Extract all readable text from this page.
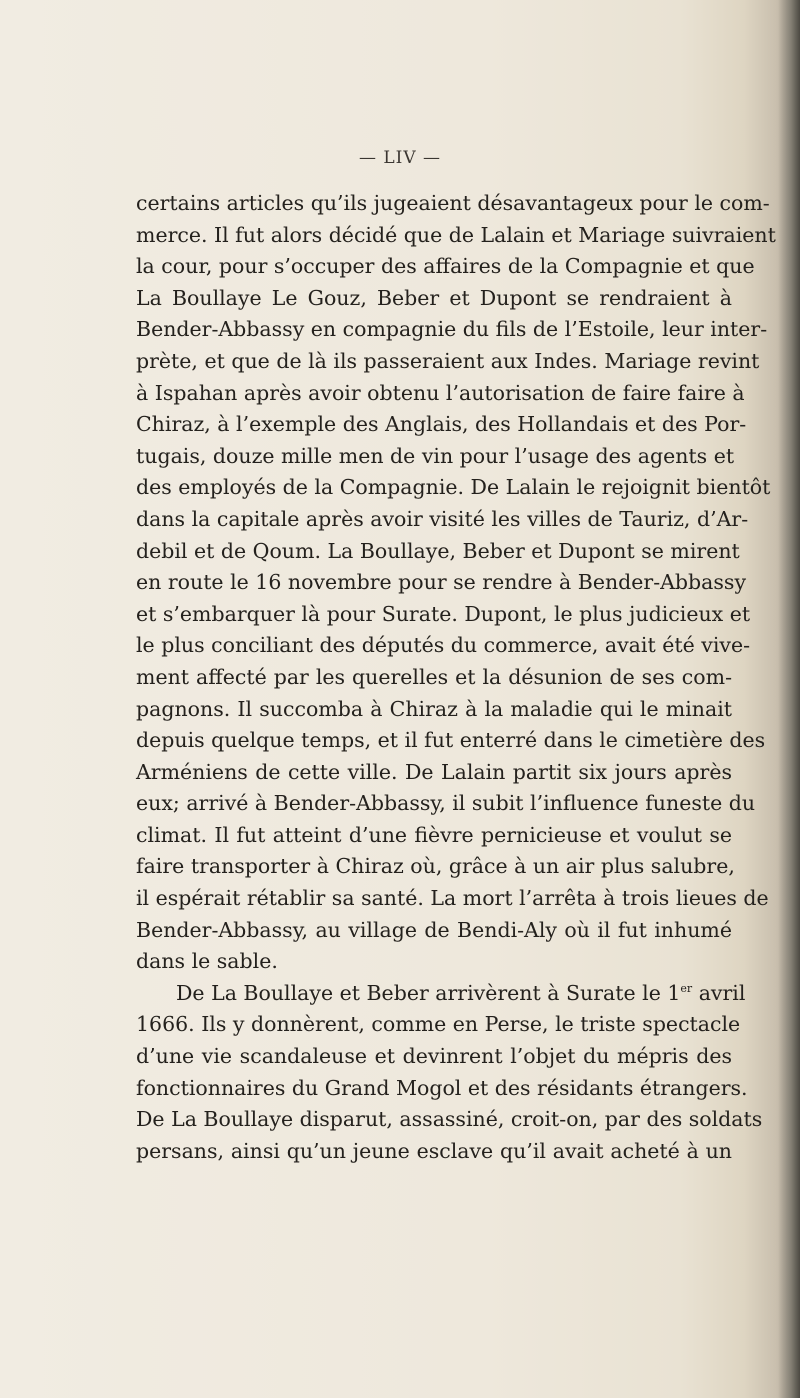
— LIV —
certains articles qu’ils jugeaient désavantageux pour le com-
merce. Il fut alors décidé que de Lalain et Mariage suivraient
la cour, pour s’occuper des affaires de la Compagnie et que
La Boullaye Le Gouz, Beber et Dupont se rendraient à
Bender-Abbassy en compagnie du fils de l’Estoile, leur inter-
prète, et que de là ils passeraient aux Indes. Mariage revint
à Ispahan après avoir obtenu l’autorisation de faire faire à
Chiraz, à l’exemple des Anglais, des Hollandais et des Por-
tugais, douze mille men de vin pour l’usage des agents et
des employés de la Compagnie. De Lalain le rejoignit bientôt
dans la capitale après avoir visité les villes de Tauriz, d’Ar-
debil et de Qoum. La Boullaye, Beber et Dupont se mirent
en route le 16 novembre pour se rendre à Bender-Abbassy
et s’embarquer là pour Surate. Dupont, le plus judicieux et
le plus conciliant des députés du commerce, avait été vive-
ment affecté par les querelles et la désunion de ses com-
pagnons. Il succomba à Chiraz à la maladie qui le minait
depuis quelque temps, et il fut enterré dans le cimetière des
Arméniens de cette ville. De Lalain partit six jours après
eux; arrivé à Bender-Abbassy, il subit l’influence funeste du
climat. Il fut atteint d’une fièvre pernicieuse et voulut se
faire transporter à Chiraz où, grâce à un air plus salubre,
il espérait rétablir sa santé. La mort l’arrêta à trois lieues de
Bender-Abbassy, au village de Bendi-Aly où il fut inhumé
dans le sable.
De La Boullaye et Beber arrivèrent à Surate le 1er avril
1666. Ils y donnèrent, comme en Perse, le triste spectacle
d’une vie scandaleuse et devinrent l’objet du mépris des
fonctionnaires du Grand Mogol et des résidants étrangers.
De La Boullaye disparut, assassiné, croit-on, par des soldats
persans, ainsi qu’un jeune esclave qu’il avait acheté à un
